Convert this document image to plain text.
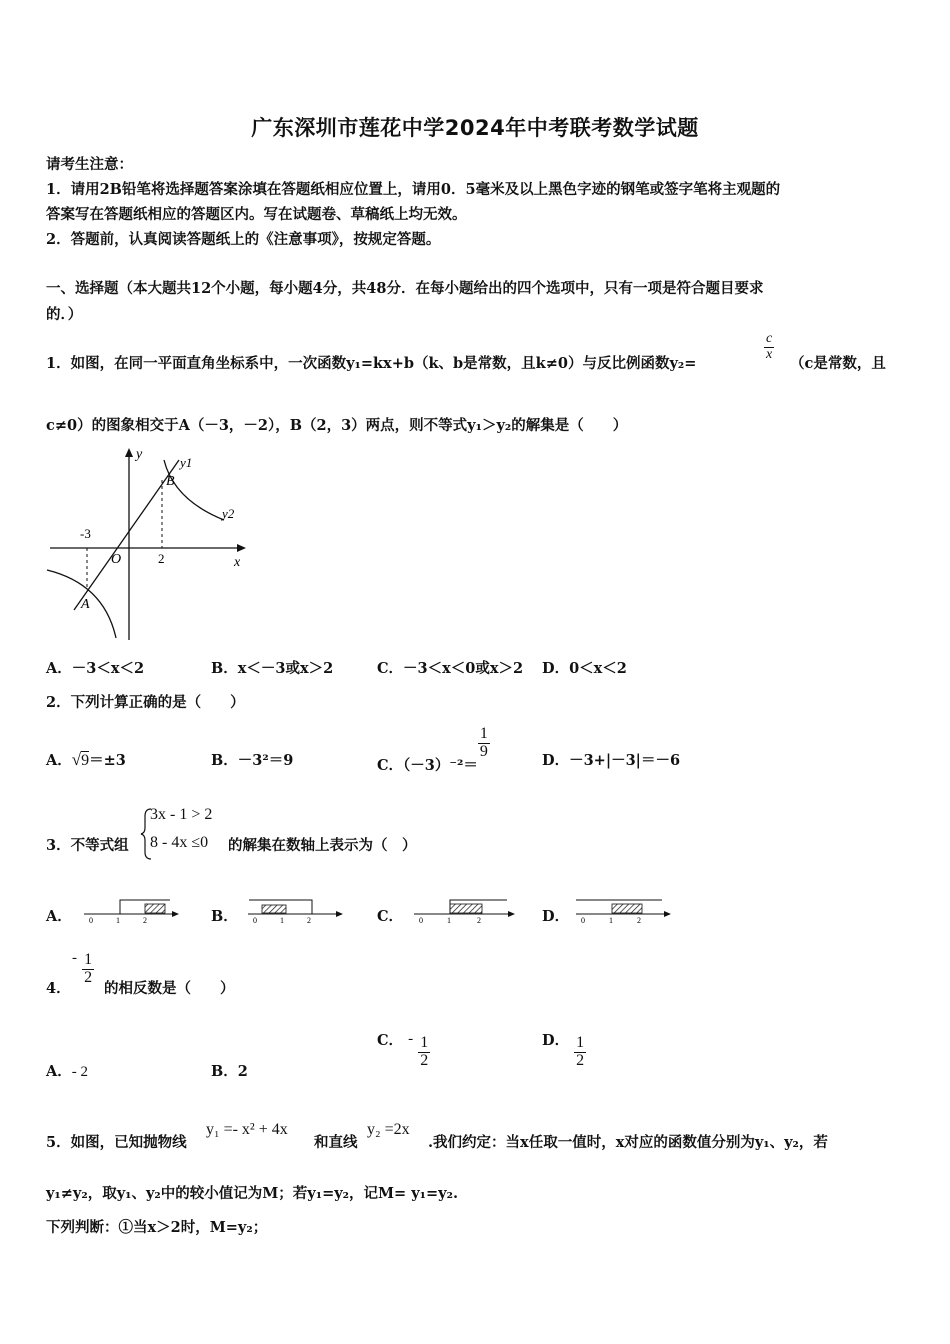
广东深圳市莲花中学2024年中考联考数学试题
请考生注意：
1．请用2B铅笔将选择题答案涂填在答题纸相应位置上，请用0．5毫米及以上黑色字迹的钢笔或签字笔将主观题的
答案写在答题纸相应的答题区内。写在试题卷、草稿纸上均无效。
2．答题前，认真阅读答题纸上的《注意事项》，按规定答题。
一、选择题（本大题共12个小题，每小题4分，共48分．在每小题给出的四个选项中，只有一项是符合题目要求
的．）
1．如图，在同一平面直角坐标系中，一次函数y₁=kx+b（k、b是常数，且k≠0）与反比例函数y₂=
$\frac{c}{x}$
（c是常数，且
c≠0）的图象相交于A（－3，－2），B（2，3）两点，则不等式y₁＞y₂的解集是（　　）
y
x
O
-3
2
y1
y2
A
B
A．－3＜x＜2	B．x＜－3或x＞2	C．－3＜x＜0或x＞2 D．0＜x＜2
2．下列计算正确的是（　　）
A．√9＝±3	B．－3²＝9	C．（－3）⁻²＝
$\frac{1}{9}$	D．－3+|－3|＝－6
3．不等式组
3x - 1 > 2
8 - 4x ≤0 的解集在数轴上表示为（　）
A．	B．	C．	D．
0	1	2	0	1	2	0	1	2	0	1	2
4．
- $\frac{1}{2}$
的相反数是（　　）
A．- 2	B．2
C． - $\frac{1}{2}$	D． $\frac{1}{2}$
5．如图，已知抛物线
y₁ =- x² + 4x
和直线
y₂ =2x
.我们约定：当x任取一值时，x对应的函数值分别为y₁、y₂，若
y₁≠y₂，取y₁、y₂中的较小值记为M；若y₁=y₂，记M= y₁=y₂.
下列判断：①当x＞2时，M=y₂；
